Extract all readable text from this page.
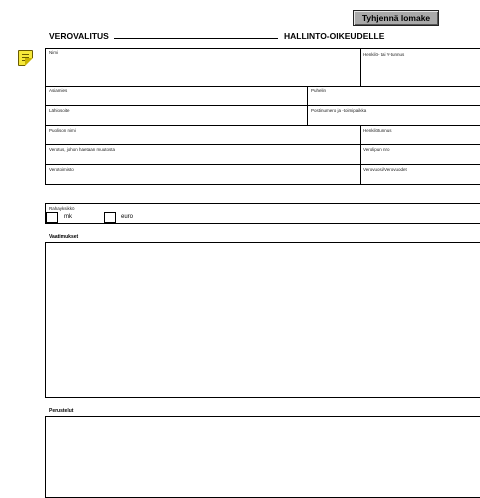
Tyhjennä lomake
VEROVALITUS	HALLINTO-OIKEUDELLE
Nimi	Henkilö- tai Y-tunnus
Asiamies	Puhelin
Lähiosoite	Postinumero ja -toimipaikka
Puolison nimi	Henkilötunnus
Verotus, johon haetaan muutosta	Verolipun nro
Verotoimisto	Verovuosi/Verovuodet
Rahayksikkö
mk	euro
Vaatimukset
Perustelut
